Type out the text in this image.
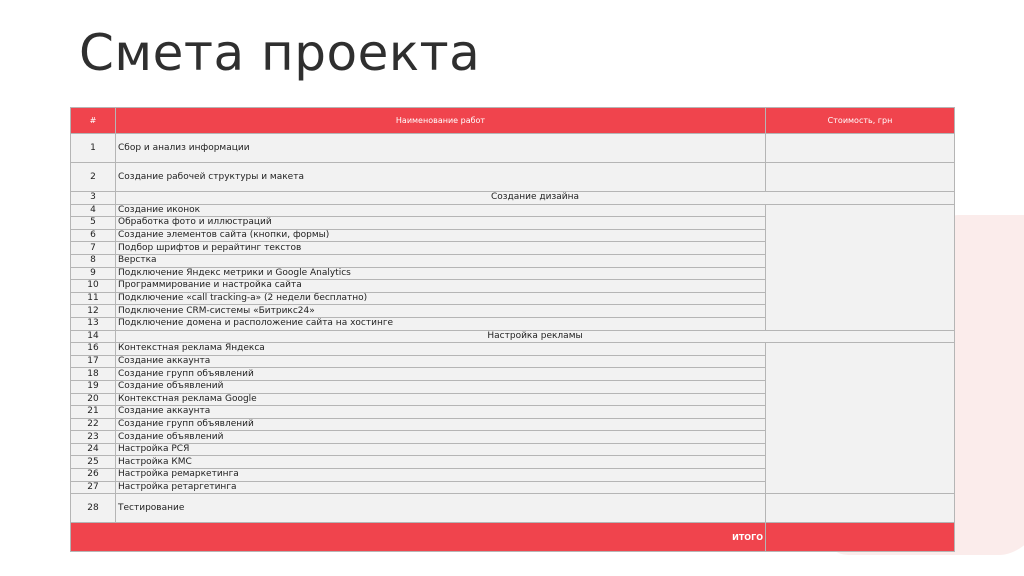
Смета проекта
#	Наименование работ	Стоимость, грн
1	Сбор и анализ информации	
2	Создание рабочей структуры и макета	
3	Создание дизайна	
4	Создание иконок	
5	Обработка фото и иллюстраций	
6	Создание элементов сайта (кнопки, формы)	
7	Подбор шрифтов и рерайтинг текстов	
8	Верстка	
9	Подключение Яндекс метрики и Google Analytics	
10	Программирование и настройка сайта	
11	Подключение «call tracking-а» (2 недели бесплатно)	
12	Подключение CRM-системы «Битрикс24»	
13	Подключение домена и расположение сайта на хостинге	
14	Настройка рекламы	
16	Контекстная реклама Яндекса	
17	Создание аккаунта	
18	Создание групп объявлений	
19	Создание объявлений	
20	Контекстная реклама Google	
21	Создание аккаунта	
22	Создание групп объявлений	
23	Создание объявлений	
24	Настройка РСЯ	
25	Настройка КМС	
26	Настройка ремаркетинга	
27	Настройка ретаргетинга	
28	Тестирование	
ИТОГО		
